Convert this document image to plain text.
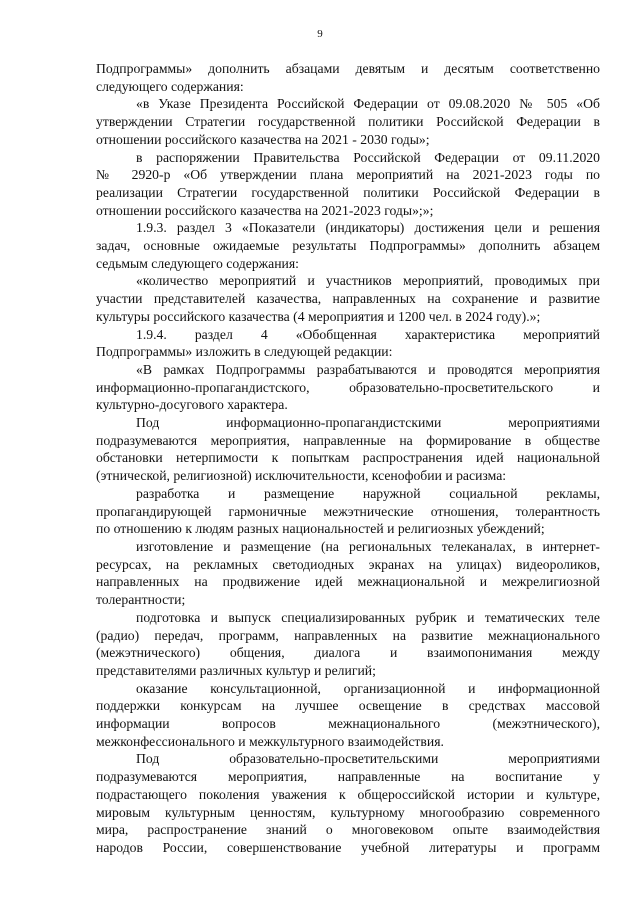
9

Подпрограммы» дополнить абзацами девятым и десятым соответственно
следующего содержания:

«в Указе Президента Российской Федерации от 09.08.2020 № 505 «Об
утверждении Стратегии государственной политики Российской Федерации в
отношении российского казачества на 2021 - 2030 годы»;

в распоряжении Правительства Российской Федерации от 09.11.2020
№ 2920-р «Об утверждении плана мероприятий на 2021-2023 годы по
реализации Стратегии государственной политики Российской Федерации в
отношении российского казачества на 2021-2023 годы»;»;

1.9.3. раздел 3 «Показатели (индикаторы) достижения цели и решения
задач, основные ожидаемые результаты Подпрограммы» дополнить абзацем
седьмым следующего содержания:

«количество мероприятий и участников мероприятий, проводимых при
участии представителей казачества, направленных на сохранение и развитие
культуры российского казачества (4 мероприятия и 1200 чел. в 2024 году).»;

1.9.4. раздел 4 «Обобщенная характеристика мероприятий
Подпрограммы» изложить в следующей редакции:

«В рамках Подпрограммы разрабатываются и проводятся мероприятия
информационно-пропагандистского, образовательно-просветительского и
культурно-досугового характера.

Под информационно-пропагандистскими мероприятиями
подразумеваются мероприятия, направленные на формирование в обществе
обстановки нетерпимости к попыткам распространения идей национальной
(этнической, религиозной) исключительности, ксенофобии и расизма:

разработка и размещение наружной социальной рекламы,
пропагандирующей гармоничные межэтнические отношения, толерантность
по отношению к людям разных национальностей и религиозных убеждений;

изготовление и размещение (на региональных телеканалах, в интернет-
ресурсах, на рекламных светодиодных экранах на улицах) видеороликов,
направленных на продвижение идей межнациональной и межрелигиозной
толерантности;

подготовка и выпуск специализированных рубрик и тематических теле
(радио) передач, программ, направленных на развитие межнационального
(межэтнического) общения, диалога и взаимопонимания между
представителями различных культур и религий;

оказание консультационной, организационной и информационной
поддержки конкурсам на лучшее освещение в средствах массовой
информации вопросов межнационального (межэтнического),
межконфессионального и межкультурного взаимодействия.

Под образовательно-просветительскими мероприятиями
подразумеваются мероприятия, направленные на воспитание у
подрастающего поколения уважения к общероссийской истории и культуре,
мировым культурным ценностям, культурному многообразию современного
мира, распространение знаний о многовековом опыте взаимодействия
народов России, совершенствование учебной литературы и программ
